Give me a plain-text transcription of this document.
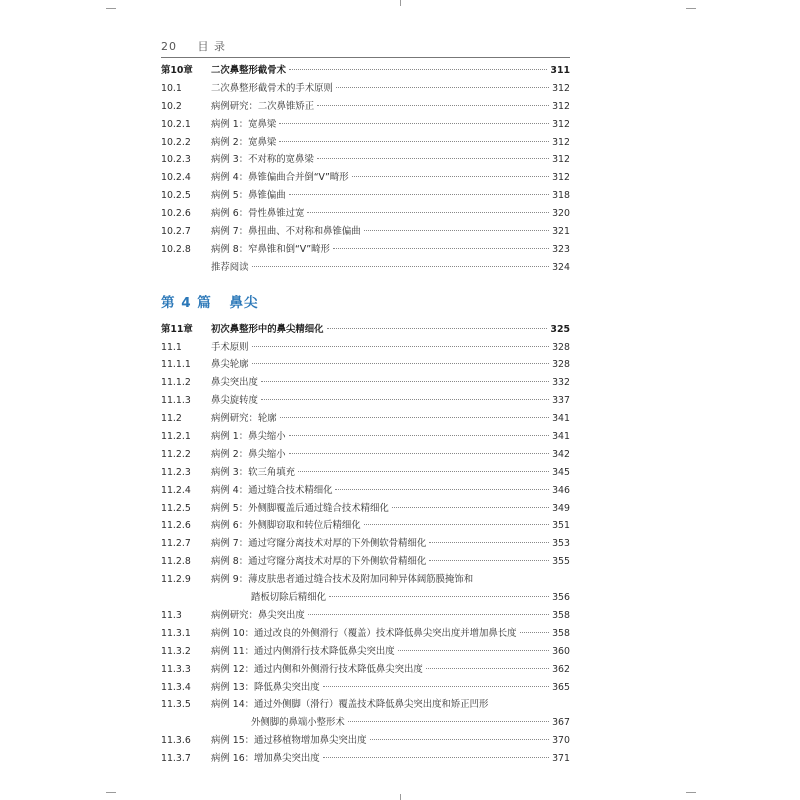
20 目 录
第10章	二次鼻整形截骨术	311
10.1	二次鼻整形截骨术的手术原则	312
10.2	病例研究：二次鼻锥矫正	312
10.2.1	病例 1：宽鼻梁	312
10.2.2	病例 2：宽鼻梁	312
10.2.3	病例 3：不对称的宽鼻梁	312
10.2.4	病例 4：鼻锥偏曲合并倒“V”畸形	312
10.2.5	病例 5：鼻锥偏曲	318
10.2.6	病例 6：骨性鼻锥过宽	320
10.2.7	病例 7：鼻扭曲、不对称和鼻锥偏曲	321
10.2.8	病例 8：窄鼻锥和倒“V”畸形	323
推荐阅读	324
第 4 篇 鼻尖
第11章	初次鼻整形中的鼻尖精细化	325
11.1	手术原则	328
11.1.1	鼻尖轮廓	328
11.1.2	鼻尖突出度	332
11.1.3	鼻尖旋转度	337
11.2	病例研究：轮廓	341
11.2.1	病例 1：鼻尖缩小	341
11.2.2	病例 2：鼻尖缩小	342
11.2.3	病例 3：软三角填充	345
11.2.4	病例 4：通过缝合技术精细化	346
11.2.5	病例 5：外侧脚覆盖后通过缝合技术精细化	349
11.2.6	病例 6：外侧脚窃取和转位后精细化	351
11.2.7	病例 7：通过穹窿分离技术对厚的下外侧软骨精细化	353
11.2.8	病例 8：通过穹窿分离技术对厚的下外侧软骨精细化	355
11.2.9	病例 9：薄皮肤患者通过缝合技术及附加同种异体阔筋膜掩饰和
踏板切除后精细化	356
11.3	病例研究：鼻尖突出度	358
11.3.1	病例 10：通过改良的外侧滑行（覆盖）技术降低鼻尖突出度并增加鼻长度	358
11.3.2	病例 11：通过内侧滑行技术降低鼻尖突出度	360
11.3.3	病例 12：通过内侧和外侧滑行技术降低鼻尖突出度	362
11.3.4	病例 13：降低鼻尖突出度	365
11.3.5	病例 14：通过外侧脚（滑行）覆盖技术降低鼻尖突出度和矫正凹形
外侧脚的鼻端小整形术	367
11.3.6	病例 15：通过移植物增加鼻尖突出度	370
11.3.7	病例 16：增加鼻尖突出度	371
